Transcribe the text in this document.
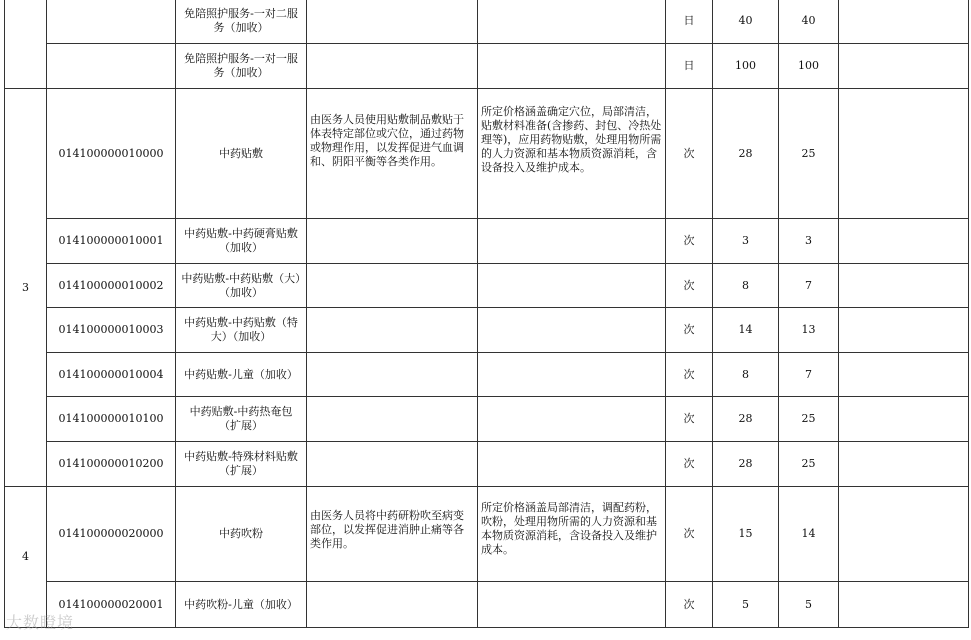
		免陪照护服务-一对二服务（加收）			日	40	40	
		免陪照护服务-一对一服务（加收）			日	100	100	
3	014100000010000	中药贴敷	由医务人员使用贴敷制品敷贴于体表特定部位或穴位，通过药物或物理作用，以发挥促进气血调和、阴阳平衡等各类作用。	所定价格涵盖确定穴位，局部清洁，贴敷材料准备(含掺药、封包、冷热处理等)，应用药物贴敷，处理用物所需的人力资源和基本物质资源消耗，含设备投入及维护成本。	次	28	25	
	014100000010001	中药贴敷-中药硬膏贴敷（加收）			次	3	3	
	014100000010002	中药贴敷-中药贴敷（大）（加收）			次	8	7	
	014100000010003	中药贴敷-中药贴敷（特大）（加收）			次	14	13	
	014100000010004	中药贴敷-儿童（加收）			次	8	7	
	014100000010100	中药贴敷-中药热奄包（扩展）			次	28	25	
	014100000010200	中药贴敷-特殊材料贴敷（扩展）			次	28	25	
4	014100000020000	中药吹粉	由医务人员将中药研粉吹至病变部位，以发挥促进消肿止痛等各类作用。	所定价格涵盖局部清洁，调配药粉，吹粉，处理用物所需的人力资源和基本物质资源消耗，含设备投入及维护成本。	次	15	14	
	014100000020001	中药吹粉-儿童（加收）			次	5	5	
大数瞪境
